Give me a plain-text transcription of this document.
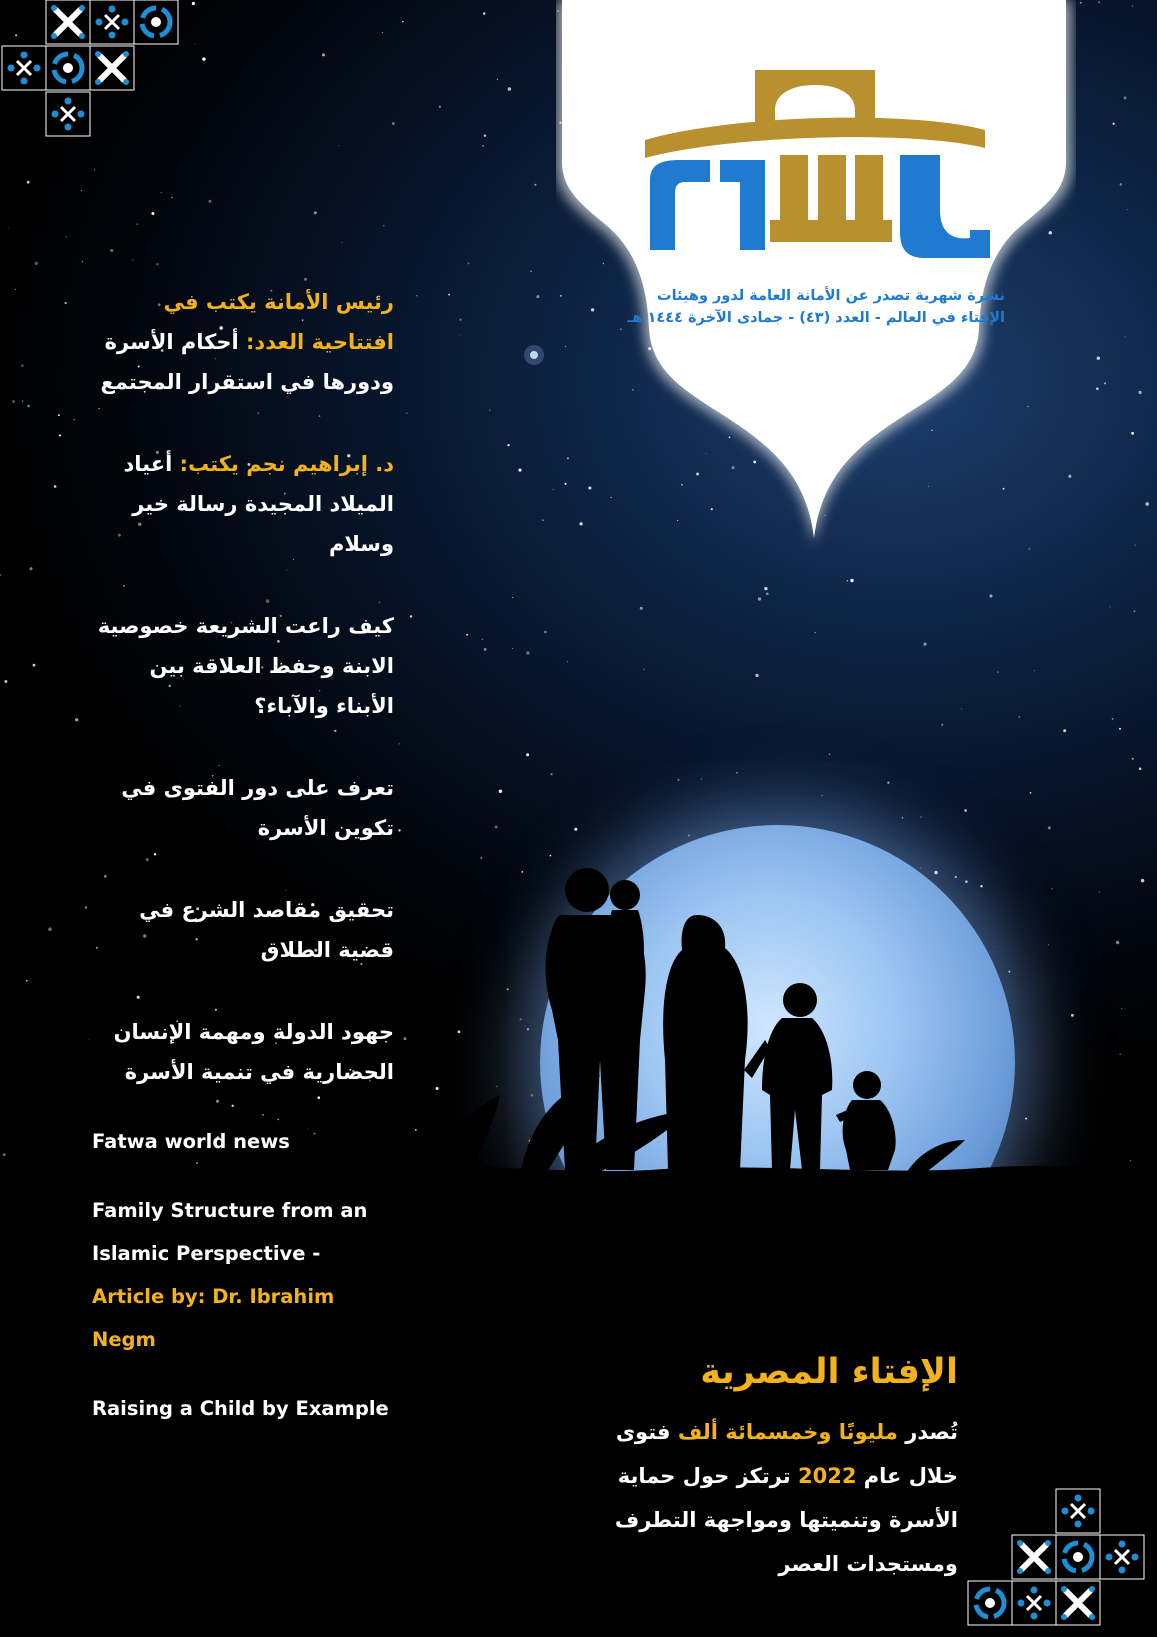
نشرة شهرية تصدر عن الأمانة العامة لدور وهيئات
الإفتاء في العالم - العدد (٤٣) - جمادى الآخرة ١٤٤٤ هـ

رئيس الأمانة يكتب في افتتاحية العدد: أحكام الأسرة ودورها في استقرار المجتمع

د. إبراهيم نجم يكتب: أعياد الميلاد المجيدة رسالة خير وسلام

كيف راعت الشريعة خصوصية الابنة وحفظ العلاقة بين الأبناء والآباء؟

تعرف على دور الفتوى في تكوين الأسرة

تحقيق مقاصد الشرع في قضية الطلاق

جهود الدولة ومهمة الإنسان الحضارية في تنمية الأسرة

Fatwa world news

Family Structure from an Islamic Perspective - Article by: Dr. Ibrahim Negm

Raising a Child by Example

الإفتاء المصرية
تُصدر مليونًا وخمسمائة ألف فتوى خلال عام 2022 ترتكز حول حماية الأسرة وتنميتها ومواجهة التطرف ومستجدات العصر
